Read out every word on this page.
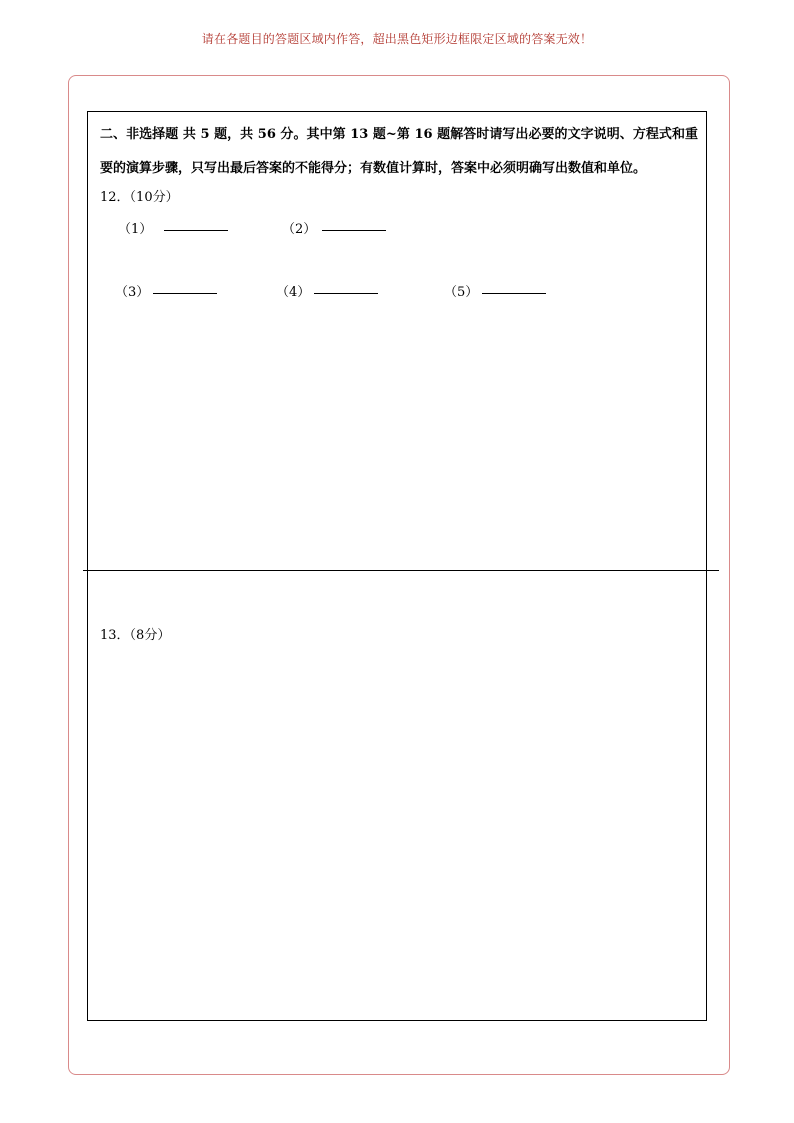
请在各题目的答题区域内作答，超出黑色矩形边框限定区域的答案无效！
二、非选择题 共 5 题，共 56 分。其中第 13 题~第 16 题解答时请写出必要的文字说明、方程式和重要的演算步骤，只写出最后答案的不能得分；有数值计算时，答案中必须明确写出数值和单位。
12．（10分）
（1）	（2）
（3）	（4）	（5）
13．（8分）
